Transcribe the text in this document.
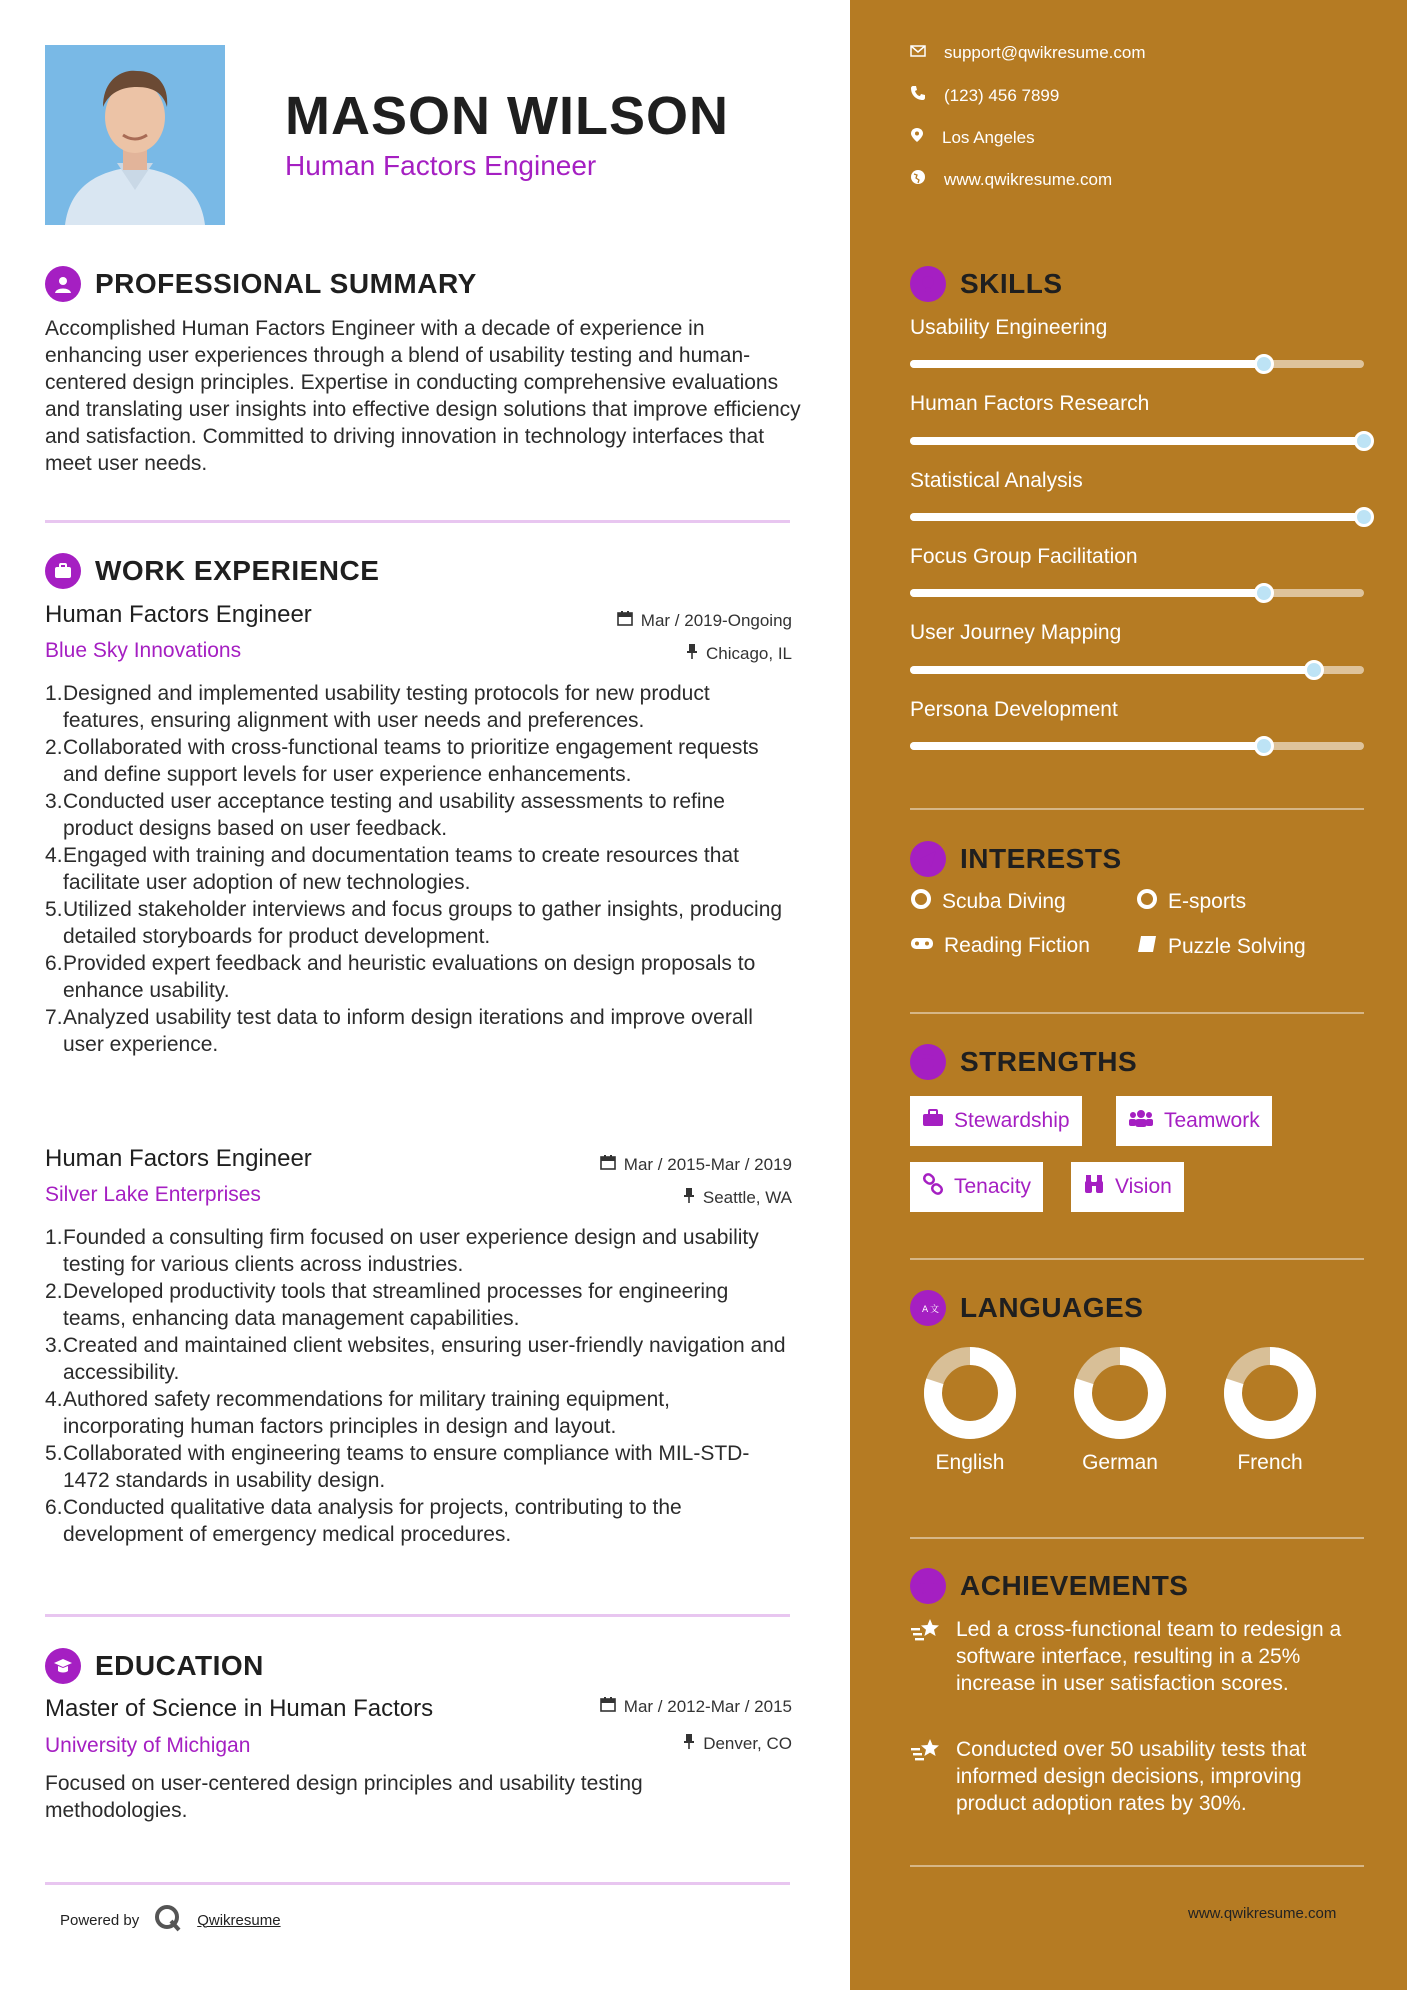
MASON WILSON
Human Factors Engineer
PROFESSIONAL SUMMARY
Accomplished Human Factors Engineer with a decade of experience in enhancing user experiences through a blend of usability testing and human-centered design principles. Expertise in conducting comprehensive evaluations and translating user insights into effective design solutions that improve efficiency and satisfaction. Committed to driving innovation in technology interfaces that meet user needs.
WORK EXPERIENCE
Human Factors Engineer	Mar / 2019-Ongoing
Blue Sky Innovations	Chicago, IL
Designed and implemented usability testing protocols for new product features, ensuring alignment with user needs and preferences.
Collaborated with cross-functional teams to prioritize engagement requests and define support levels for user experience enhancements.
Conducted user acceptance testing and usability assessments to refine product designs based on user feedback.
Engaged with training and documentation teams to create resources that facilitate user adoption of new technologies.
Utilized stakeholder interviews and focus groups to gather insights, producing detailed storyboards for product development.
Provided expert feedback and heuristic evaluations on design proposals to enhance usability.
Analyzed usability test data to inform design iterations and improve overall user experience.
Human Factors Engineer	Mar / 2015-Mar / 2019
Silver Lake Enterprises	Seattle, WA
Founded a consulting firm focused on user experience design and usability testing for various clients across industries.
Developed productivity tools that streamlined processes for engineering teams, enhancing data management capabilities.
Created and maintained client websites, ensuring user-friendly navigation and accessibility.
Authored safety recommendations for military training equipment, incorporating human factors principles in design and layout.
Collaborated with engineering teams to ensure compliance with MIL-STD-1472 standards in usability design.
Conducted qualitative data analysis for projects, contributing to the development of emergency medical procedures.
EDUCATION
Master of Science in Human Factors	Mar / 2012-Mar / 2015
University of Michigan	Denver, CO
Focused on user-centered design principles and usability testing methodologies.
Powered by	Qwikresume
support@qwikresume.com
(123) 456 7899
Los Angeles
www.qwikresume.com
SKILLS
Usability Engineering
Human Factors Research
Statistical Analysis
Focus Group Facilitation
User Journey Mapping
Persona Development
INTERESTS
Scuba Diving	E-sports
Reading Fiction	Puzzle Solving
STRENGTHS
Stewardship	Teamwork
Tenacity	Vision
A 文 LANGUAGES
English	German	French
ACHIEVEMENTS
Led a cross-functional team to redesign a software interface, resulting in a 25% increase in user satisfaction scores.
Conducted over 50 usability tests that informed design decisions, improving product adoption rates by 30%.
www.qwikresume.com
